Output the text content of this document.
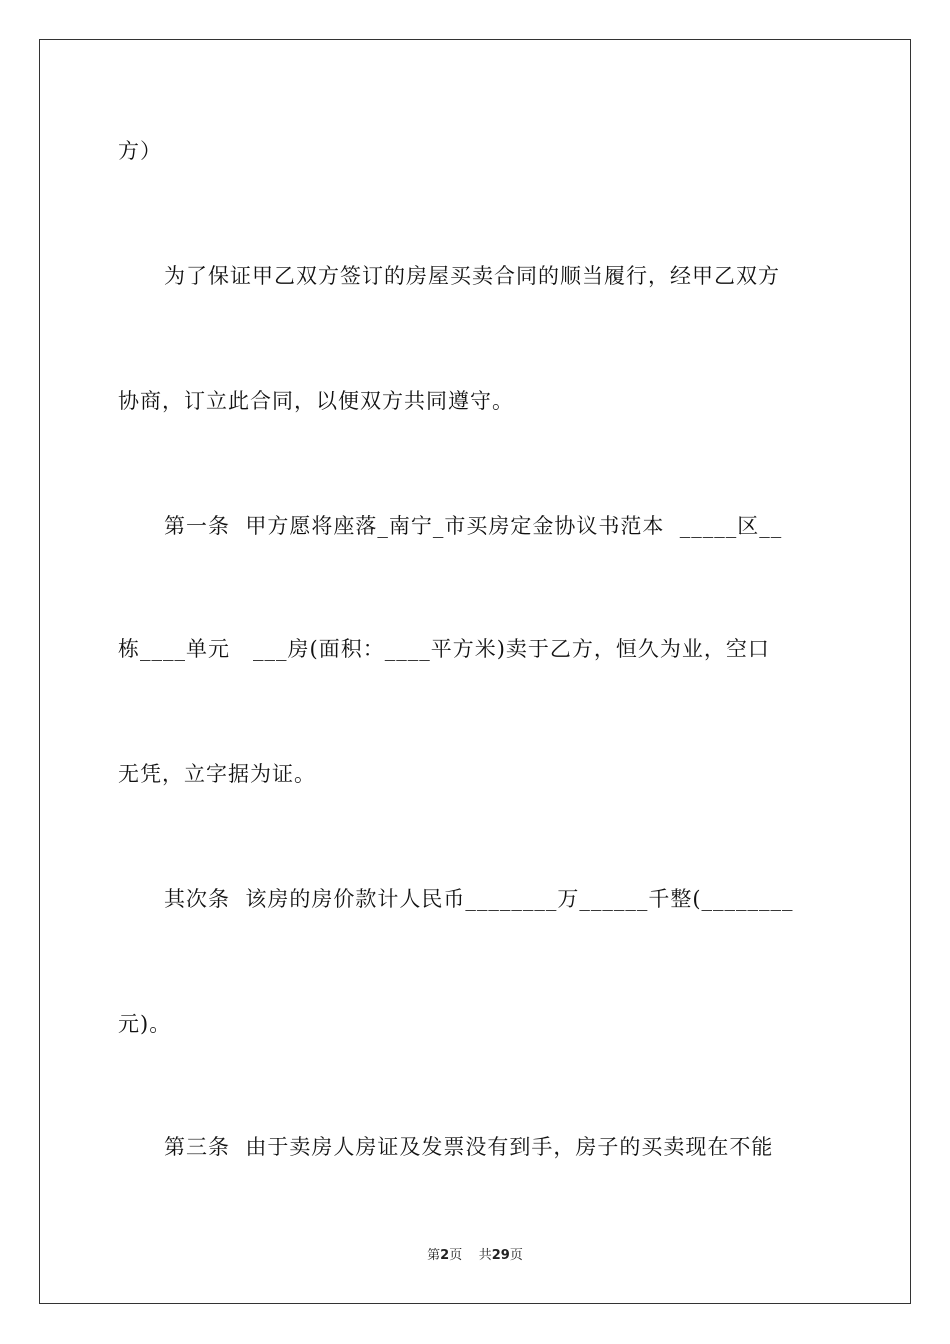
方）
为了保证甲乙双方签订的房屋买卖合同的顺当履行，经甲乙双方
协商，订立此合同，以便双方共同遵守。
第一条  甲方愿将座落_南宁_市买房定金协议书范本  _____区__
栋____单元   ___房(面积：____平方米)卖于乙方，恒久为业，空口
无凭，立字据为证。
其次条  该房的房价款计人民币________万______千整(________
元)。
第三条  由于卖房人房证及发票没有到手，房子的买卖现在不能
第2页 共29页
